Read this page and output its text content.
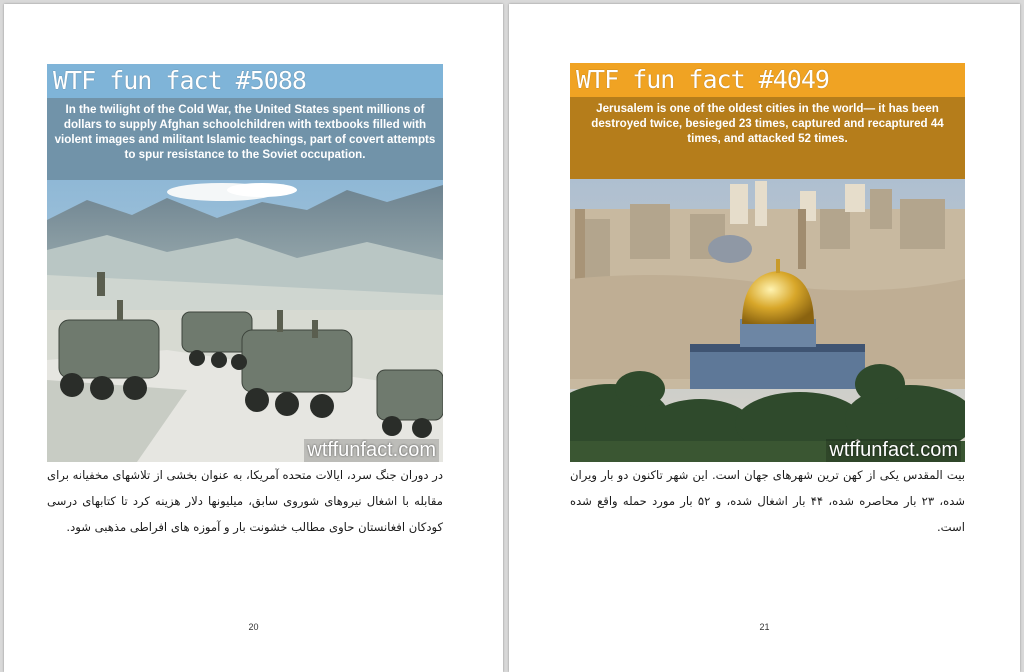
WTF fun fact #5088
In the twilight of the Cold War, the United States spent millions of dollars to supply Afghan schoolchildren with textbooks filled with violent images and militant Islamic teachings, part of covert attempts to spur resistance to the Soviet occupation.
wtffunfact.com
در دوران جنگ سرد، ایالات متحده آمریکا، به عنوان بخشی از تلاشهای مخفیانه برای مقابله با اشغال نیروهای شوروی سابق، میلیونها دلار هزینه کرد تا کتابهای درسی کودکان افغانستان حاوی مطالب خشونت بار و آموزه های افراطی مذهبی شود.
20
WTF fun fact #4049
Jerusalem is one of the oldest cities in the world— it has been destroyed twice, besieged 23 times, captured and recaptured 44 times, and attacked 52 times.
wtffunfact.com
بیت المقدس یکی از کهن ترین شهرهای جهان است. این شهر تاکنون دو بار ویران شده، ۲۳ بار محاصره شده، ۴۴ بار اشغال شده، و ۵۲ بار مورد حمله واقع شده است.
21
